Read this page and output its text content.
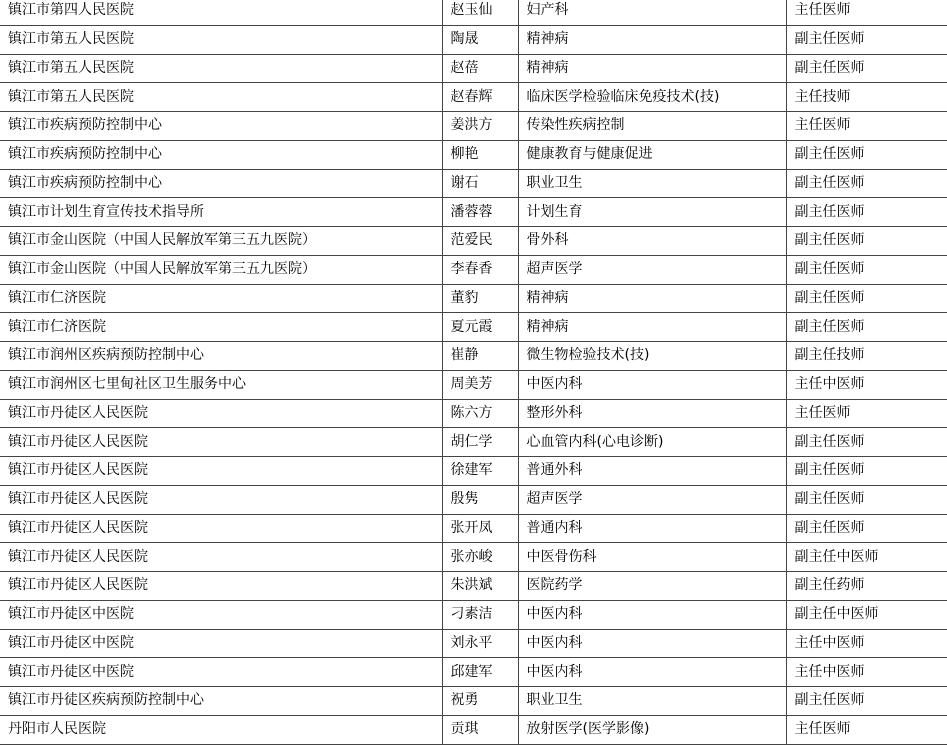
镇江市第四人民医院	赵玉仙	妇产科	主任医师
镇江市第五人民医院	陶晟	精神病	副主任医师
镇江市第五人民医院	赵蓓	精神病	副主任医师
镇江市第五人民医院	赵春辉	临床医学检验临床免疫技术(技)	主任技师
镇江市疾病预防控制中心	姜洪方	传染性疾病控制	主任医师
镇江市疾病预防控制中心	柳艳	健康教育与健康促进	副主任医师
镇江市疾病预防控制中心	谢石	职业卫生	副主任医师
镇江市计划生育宣传技术指导所	潘蓉蓉	计划生育	副主任医师
镇江市金山医院（中国人民解放军第三五九医院）	范爱民	骨外科	副主任医师
镇江市金山医院（中国人民解放军第三五九医院）	李春香	超声医学	副主任医师
镇江市仁济医院	董豹	精神病	副主任医师
镇江市仁济医院	夏元霞	精神病	副主任医师
镇江市润州区疾病预防控制中心	崔静	微生物检验技术(技)	副主任技师
镇江市润州区七里甸社区卫生服务中心	周美芳	中医内科	主任中医师
镇江市丹徒区人民医院	陈六方	整形外科	主任医师
镇江市丹徒区人民医院	胡仁学	心血管内科(心电诊断)	副主任医师
镇江市丹徒区人民医院	徐建军	普通外科	副主任医师
镇江市丹徒区人民医院	殷隽	超声医学	副主任医师
镇江市丹徒区人民医院	张开凤	普通内科	副主任医师
镇江市丹徒区人民医院	张亦峻	中医骨伤科	副主任中医师
镇江市丹徒区人民医院	朱洪斌	医院药学	副主任药师
镇江市丹徒区中医院	刁素洁	中医内科	副主任中医师
镇江市丹徒区中医院	刘永平	中医内科	主任中医师
镇江市丹徒区中医院	邱建军	中医内科	主任中医师
镇江市丹徒区疾病预防控制中心	祝勇	职业卫生	副主任医师
丹阳市人民医院	贡琪	放射医学(医学影像)	主任医师
